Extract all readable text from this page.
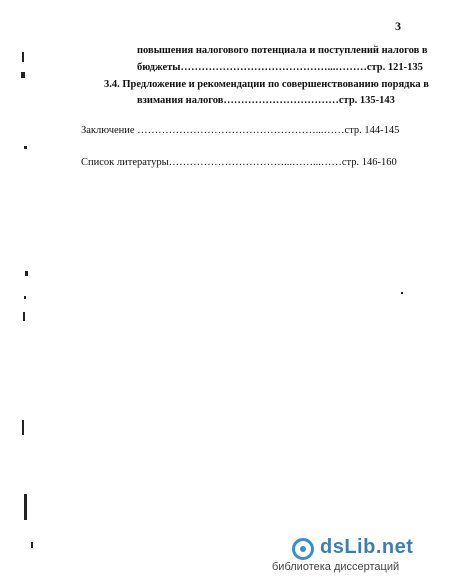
3
повышения налогового потенциала и поступлений налогов в
бюджеты……………………………………...………стр. 121-135
3.4. Предложение и рекомендации по совершенствованию порядка в
взимания налогов……………………………стр. 135-143
Заключение ……………………………………………...……стр. 144-145
Список литературы……………………………...……...……стр. 146-160
dsLib.net
библиотека диссертаций
